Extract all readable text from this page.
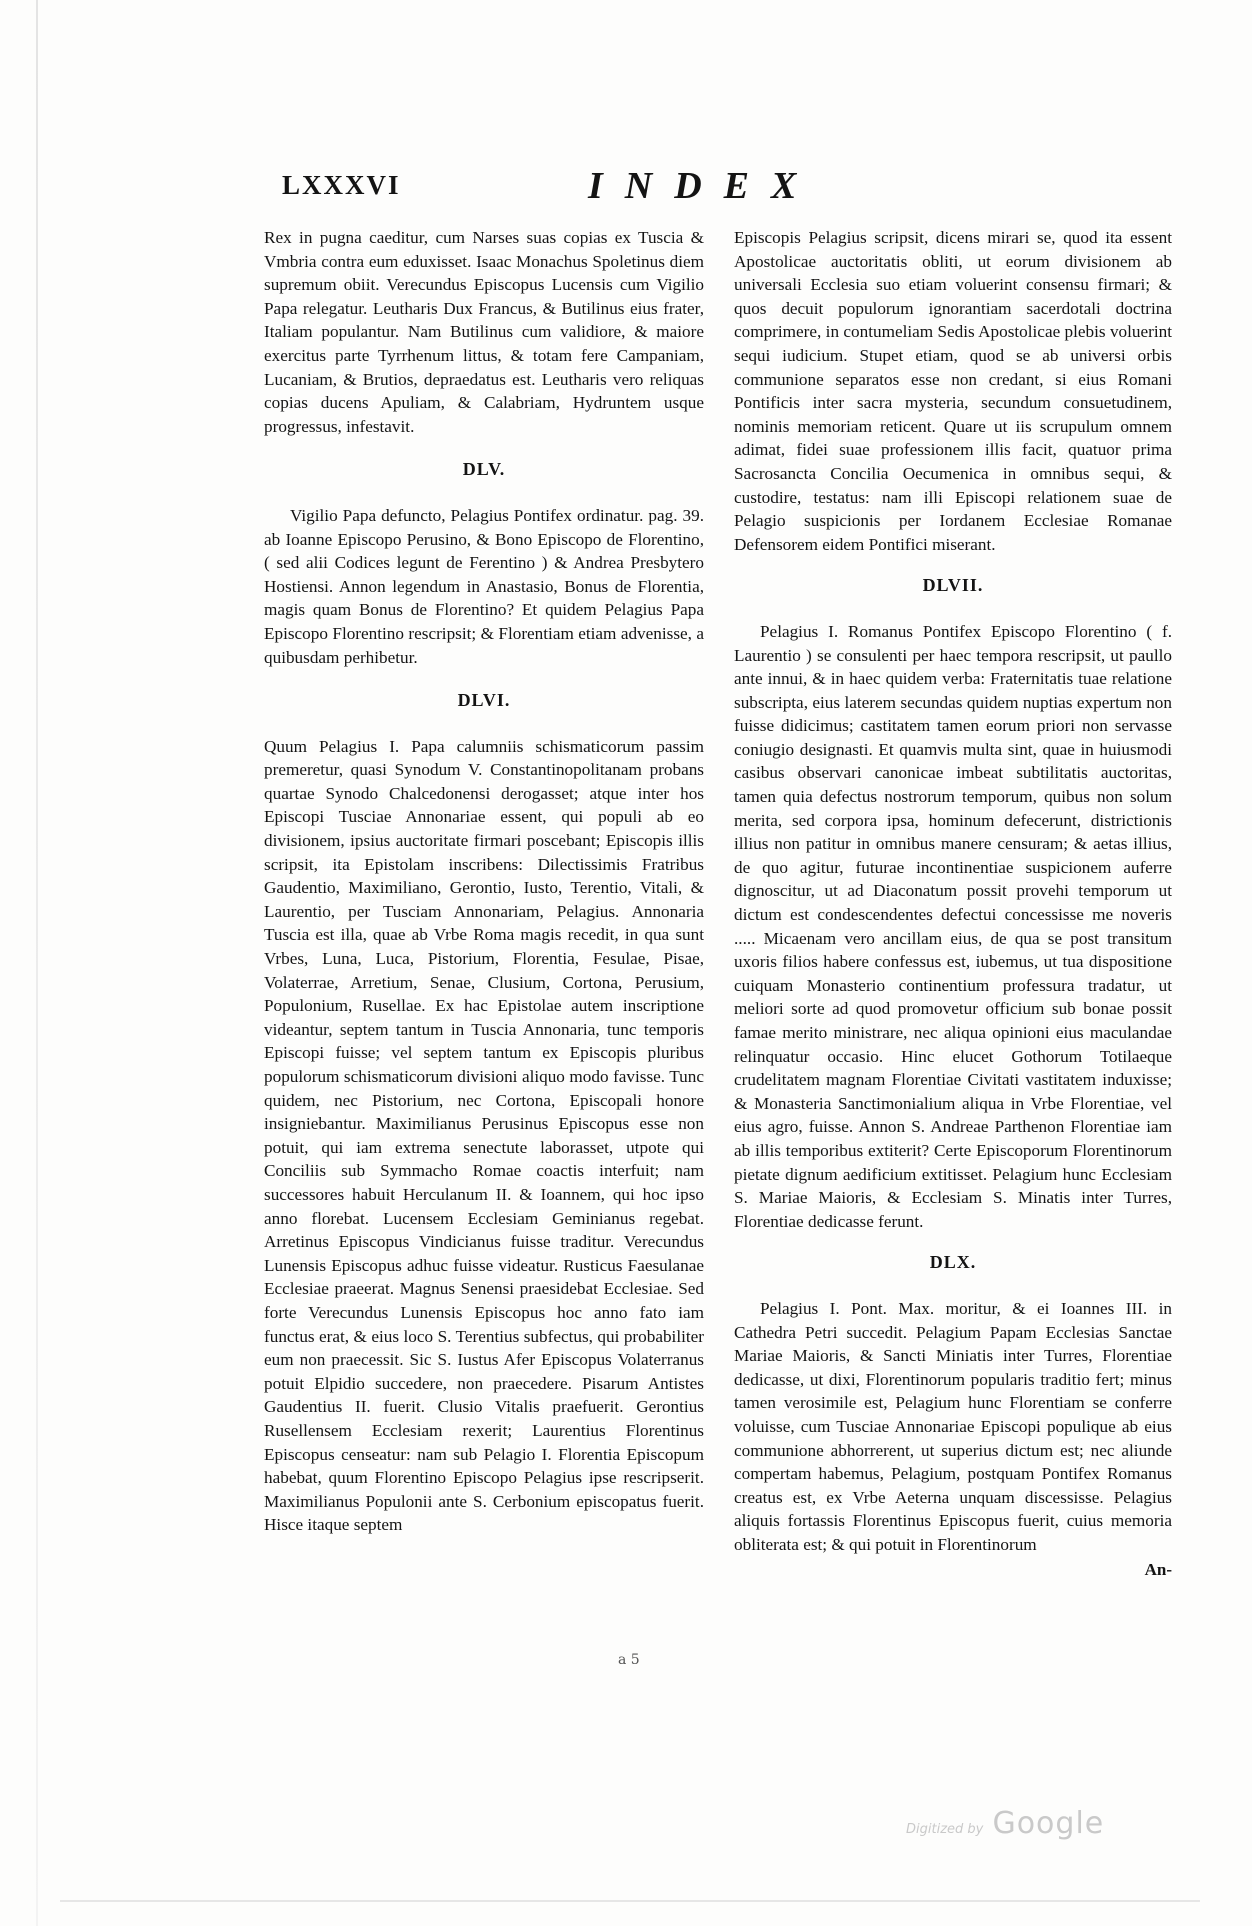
LXXXVI	INDEX

Rex in pugna caeditur, cum Narses suas copias ex Tuscia & Vmbria contra eum eduxisset. Isaac Monachus Spoletinus diem supremum obiit. Verecundus Episcopus Lucensis cum Vigilio Papa relegatur. Leutharis Dux Francus, & Butilinus eius frater, Italiam populantur. Nam Butilinus cum validiore, & maiore exercitus parte Tyrrhenum littus, & totam fere Campaniam, Lucaniam, & Brutios, depraedatus est. Leutharis vero reliquas copias ducens Apuliam, & Calabriam, Hydruntem usque progressus, infestavit.

DLV.

Vigilio Papa defuncto, Pelagius Pontifex ordinatur. pag. 39. ab Ioanne Episcopo Perusino, & Bono Episcopo de Florentino, ( sed alii Codices legunt de Ferentino ) & Andrea Presbytero Hostiensi. Annon legendum in Anastasio, Bonus de Florentia, magis quam Bonus de Florentino? Et quidem Pelagius Papa Episcopo Florentino rescripsit; & Florentiam etiam advenisse, a quibusdam perhibetur.

DLVI.

Quum Pelagius I. Papa calumniis schismaticorum passim premeretur, quasi Synodum V. Constantinopolitanam probans quartae Synodo Chalcedonensi derogasset; atque inter hos Episcopi Tusciae Annonariae essent, qui populi ab eo divisionem, ipsius auctoritate firmari poscebant; Episcopis illis scripsit, ita Epistolam inscribens: Dilectissimis Fratribus Gaudentio, Maximiliano, Gerontio, Iusto, Terentio, Vitali, & Laurentio, per Tusciam Annonariam, Pelagius. Annonaria Tuscia est illa, quae ab Vrbe Roma magis recedit, in qua sunt Vrbes, Luna, Luca, Pistorium, Florentia, Fesulae, Pisae, Volaterrae, Arretium, Senae, Clusium, Cortona, Perusium, Populonium, Rusellae. Ex hac Epistolae autem inscriptione videantur, septem tantum in Tuscia Annonaria, tunc temporis Episcopi fuisse; vel septem tantum ex Episcopis pluribus populorum schismaticorum divisioni aliquo modo favisse. Tunc quidem, nec Pistorium, nec Cortona, Episcopali honore insigniebantur. Maximilianus Perusinus Episcopus esse non potuit, qui iam extrema senectute laborasset, utpote qui Conciliis sub Symmacho Romae coactis interfuit; nam successores habuit Herculanum II. & Ioannem, qui hoc ipso anno florebat. Lucensem Ecclesiam Geminianus regebat. Arretinus Episcopus Vindicianus fuisse traditur. Verecundus Lunensis Episcopus adhuc fuisse videatur. Rusticus Faesulanae Ecclesiae praeerat. Magnus Senensi praesidebat Ecclesiae. Sed forte Verecundus Lunensis Episcopus hoc anno fato iam functus erat, & eius loco S. Terentius subfectus, qui probabiliter eum non praecessit. Sic S. Iustus Afer Episcopus Volaterranus potuit Elpidio succedere, non praecedere. Pisarum Antistes Gaudentius II. fuerit. Clusio Vitalis praefuerit. Gerontius Rusellensem Ecclesiam rexerit; Laurentius Florentinus Episcopus censeatur: nam sub Pelagio I. Florentia Episcopum habebat, quum Florentino Episcopo Pelagius ipse rescripserit. Maximilianus Populonii ante S. Cerbonium episcopatus fuerit. Hisce itaque septem

Episcopis Pelagius scripsit, dicens mirari se, quod ita essent Apostolicae auctoritatis obliti, ut eorum divisionem ab universali Ecclesia suo etiam voluerint consensu firmari; & quos decuit populorum ignorantiam sacerdotali doctrina comprimere, in contumeliam Sedis Apostolicae plebis voluerint sequi iudicium. Stupet etiam, quod se ab universi orbis communione separatos esse non credant, si eius Romani Pontificis inter sacra mysteria, secundum consuetudinem, nominis memoriam reticent. Quare ut iis scrupulum omnem adimat, fidei suae professionem illis facit, quatuor prima Sacrosancta Concilia Oecumenica in omnibus sequi, & custodire, testatus: nam illi Episcopi relationem suae de Pelagio suspicionis per Iordanem Ecclesiae Romanae Defensorem eidem Pontifici miserant.

DLVII.

Pelagius I. Romanus Pontifex Episcopo Florentino ( f. Laurentio ) se consulenti per haec tempora rescripsit, ut paullo ante innui, & in haec quidem verba: Fraternitatis tuae relatione subscripta, eius laterem secundas quidem nuptias expertum non fuisse didicimus; castitatem tamen eorum priori non servasse coniugio designasti. Et quamvis multa sint, quae in huiusmodi casibus observari canonicae imbeat subtilitatis auctoritas, tamen quia defectus nostrorum temporum, quibus non solum merita, sed corpora ipsa, hominum defecerunt, districtionis illius non patitur in omnibus manere censuram; & aetas illius, de quo agitur, futurae incontinentiae suspicionem auferre dignoscitur, ut ad Diaconatum possit provehi temporum ut dictum est condescendentes defectui concessisse me noveris ..... Micaenam vero ancillam eius, de qua se post transitum uxoris filios habere confessus est, iubemus, ut tua dispositione cuiquam Monasterio continentium professura tradatur, ut meliori sorte ad quod promovetur officium sub bonae possit famae merito ministrare, nec aliqua opinioni eius maculandae relinquatur occasio. Hinc elucet Gothorum Totilaeque crudelitatem magnam Florentiae Civitati vastitatem induxisse; & Monasteria Sanctimonialium aliqua in Vrbe Florentiae, vel eius agro, fuisse. Annon S. Andreae Parthenon Florentiae iam ab illis temporibus extiterit? Certe Episcoporum Florentinorum pietate dignum aedificium extitisset. Pelagium hunc Ecclesiam S. Mariae Maioris, & Ecclesiam S. Minatis inter Turres, Florentiae dedicasse ferunt.

DLX.

Pelagius I. Pont. Max. moritur, & ei Ioannes III. in Cathedra Petri succedit. Pelagium Papam Ecclesias Sanctae Mariae Maioris, & Sancti Miniatis inter Turres, Florentiae dedicasse, ut dixi, Florentinorum popularis traditio fert; minus tamen verosimile est, Pelagium hunc Florentiam se conferre voluisse, cum Tusciae Annonariae Episcopi populique ab eius communione abhorrerent, ut superius dictum est; nec aliunde compertam habemus, Pelagium, postquam Pontifex Romanus creatus est, ex Vrbe Aeterna unquam discessisse. Pelagius aliquis fortassis Florentinus Episcopus fuerit, cuius memoria obliterata est; & qui potuit in Florentinorum

An-
a 5
Digitized by Google
